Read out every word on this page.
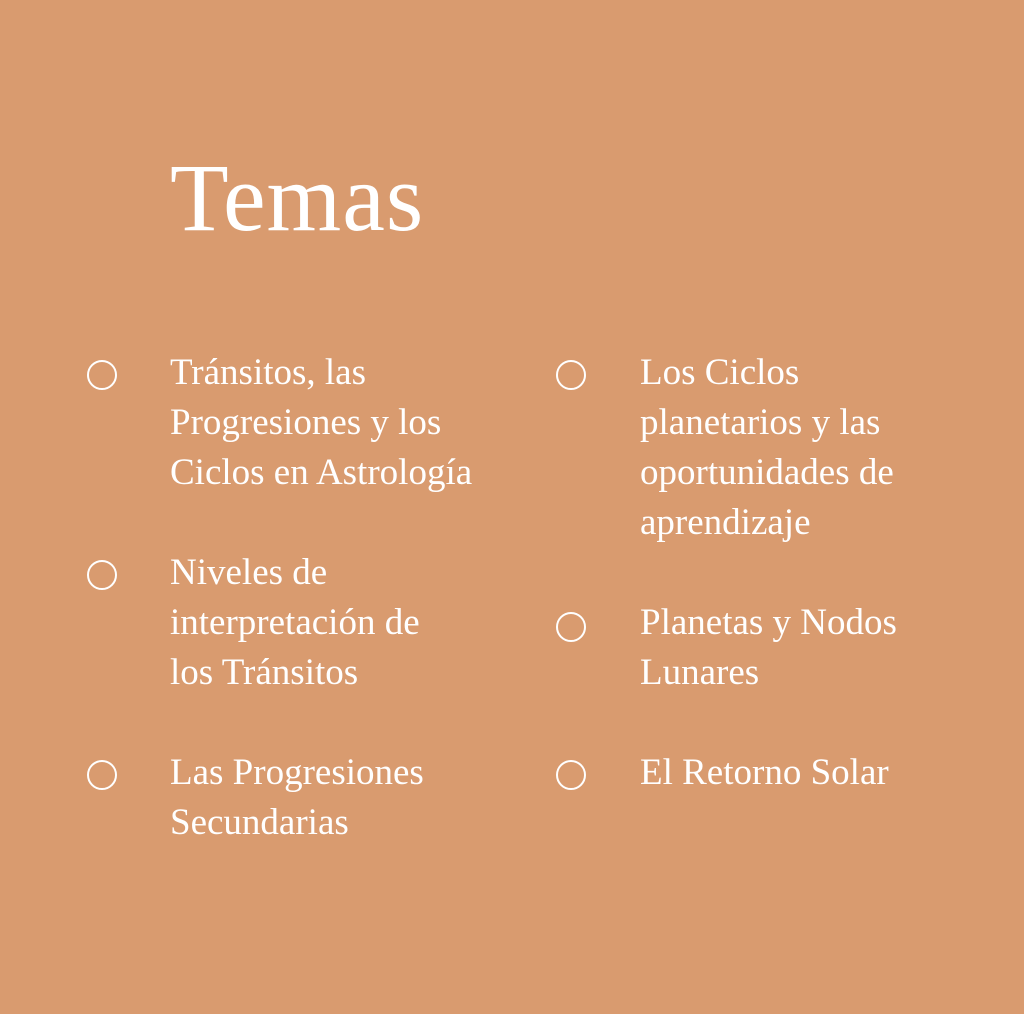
Temas
Tránsitos, las
Progresiones y los
Ciclos en Astrología
Niveles de
interpretación de
los Tránsitos
Las Progresiones
Secundarias
Los Ciclos
planetarios y las
oportunidades de
aprendizaje
Planetas y Nodos
Lunares
El Retorno Solar
